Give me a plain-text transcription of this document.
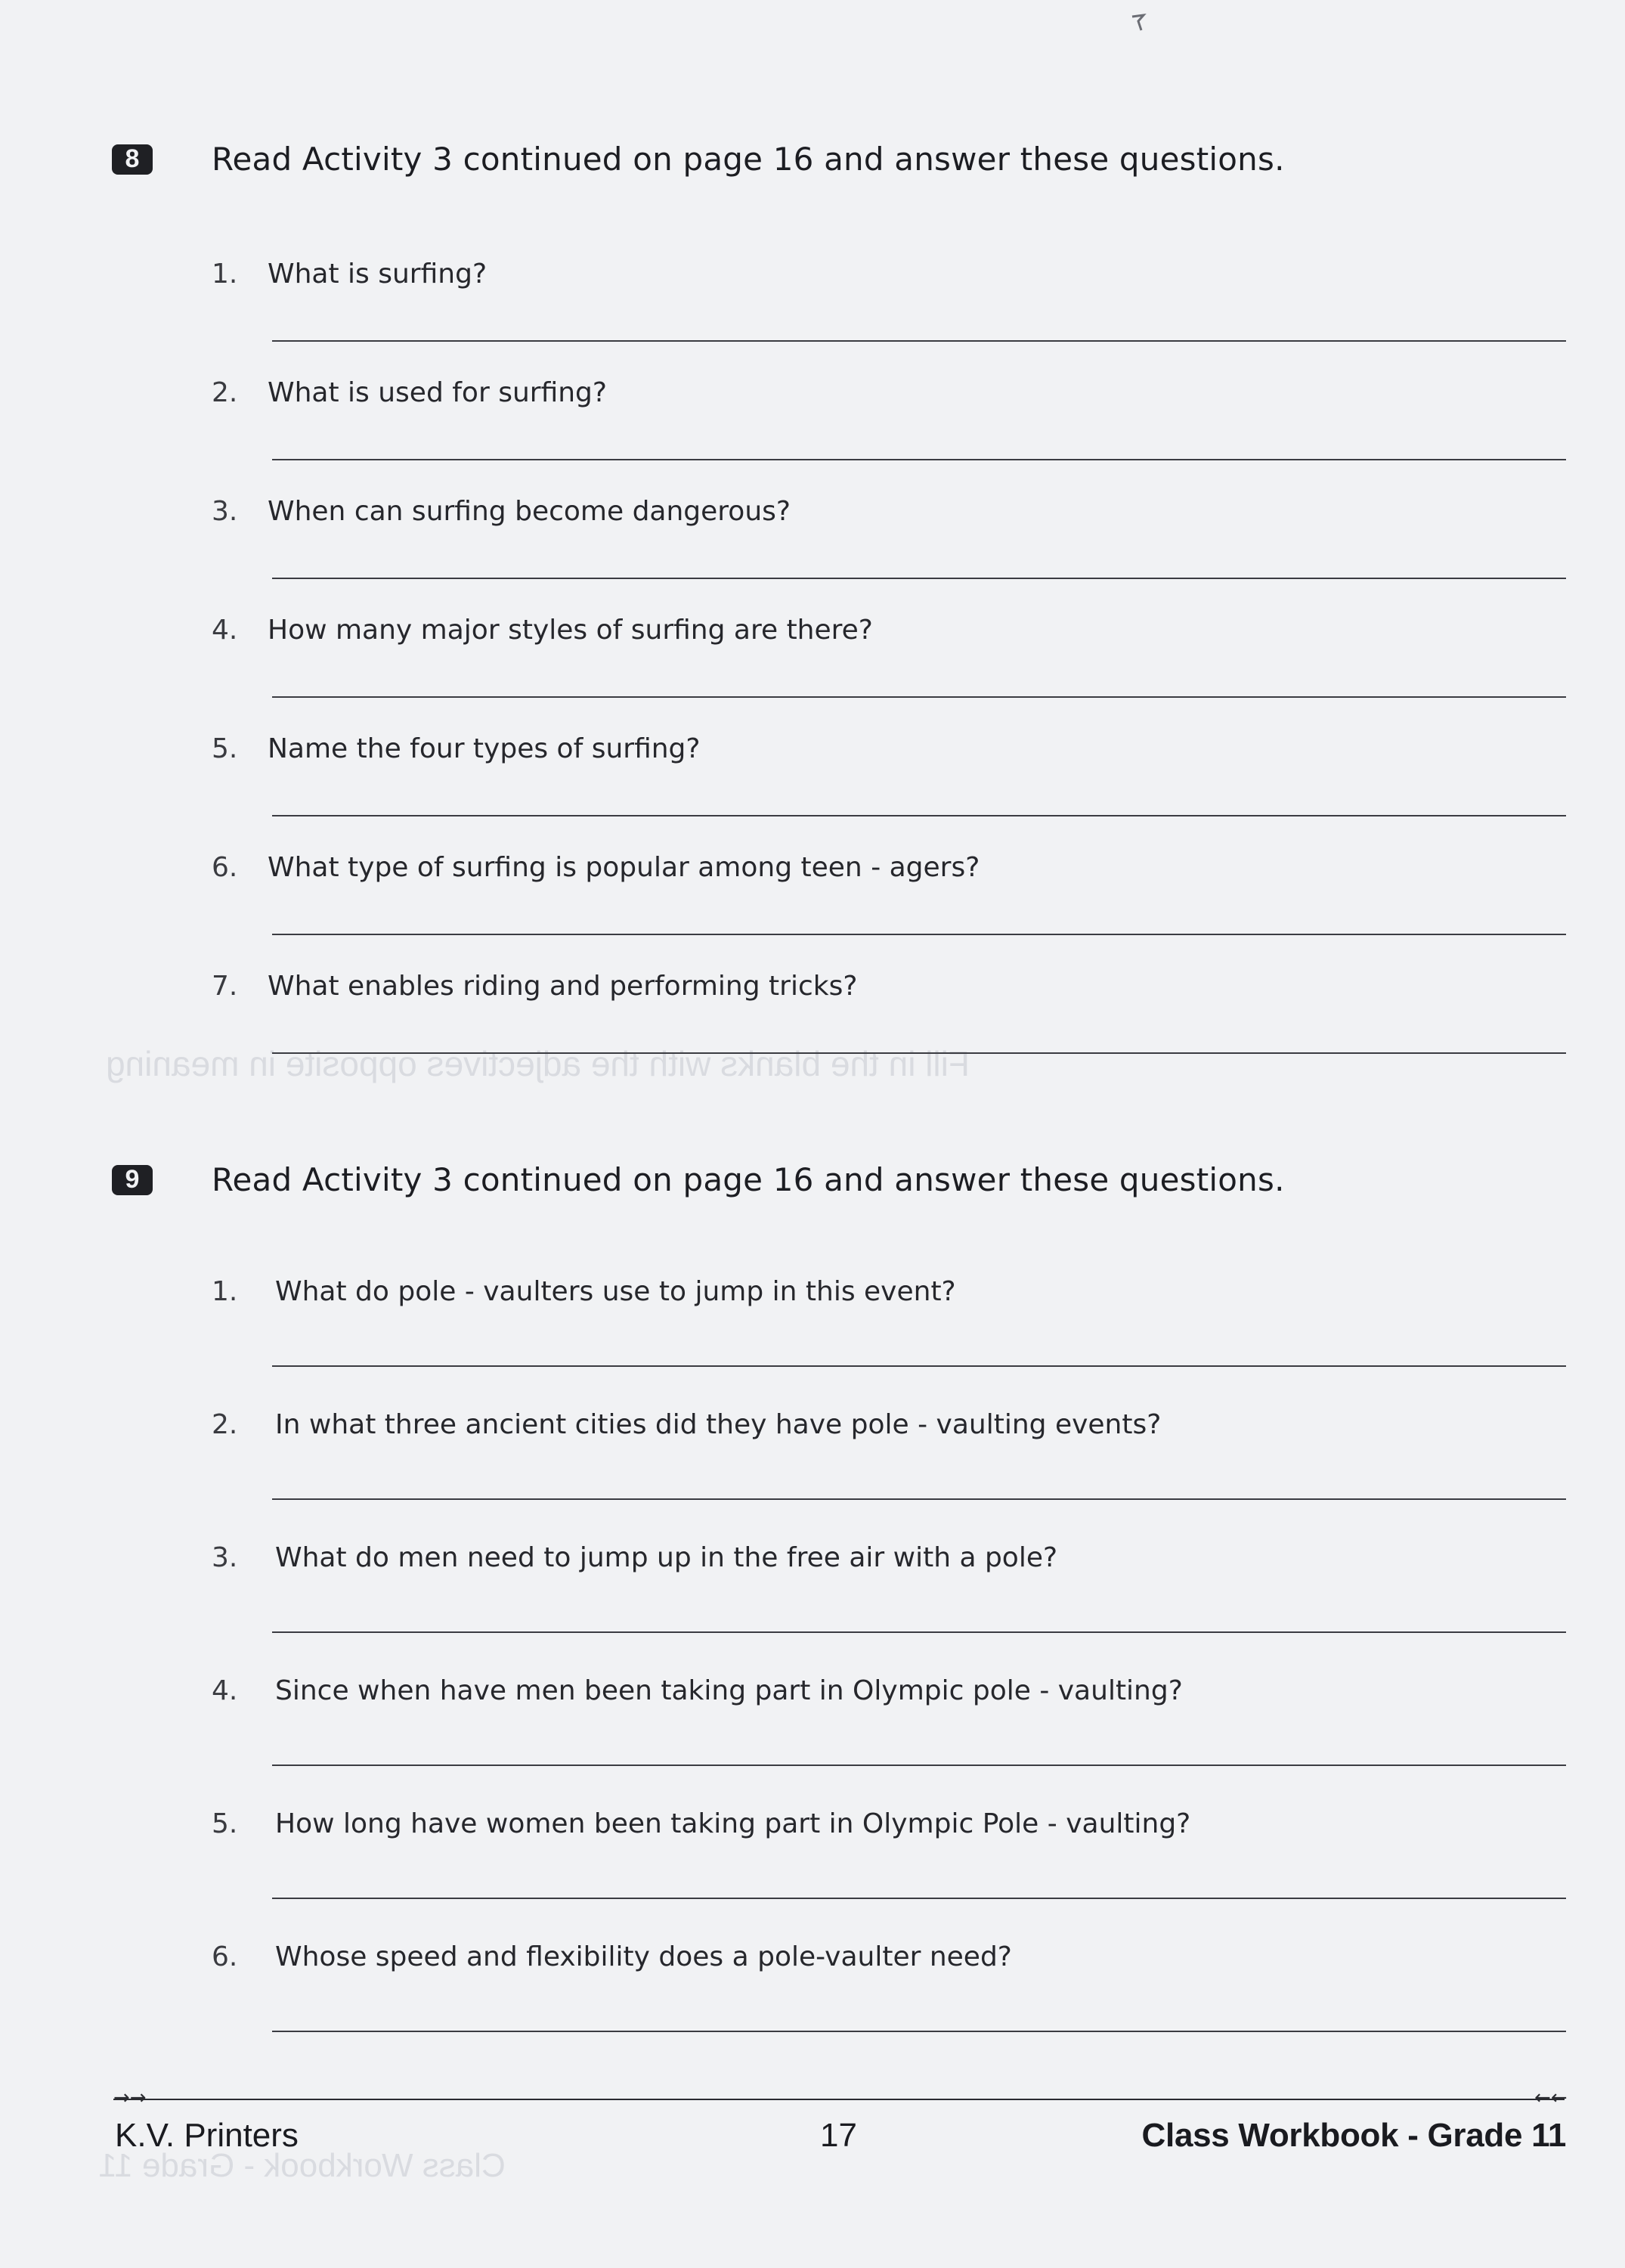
Fill in the blanks with the adjectives opposite in meaning
Class Workbook - Grade 11
8	Read Activity 3 continued on page 16 and answer these questions.
1. What is surfing?
2. What is used for surfing?
3. When can surfing become dangerous?
4. How many major styles of surfing are there?
5. Name the four types of surfing?
6. What type of surfing is popular among teen - agers?
7. What enables riding and performing tricks?
9	Read Activity 3 continued on page 16 and answer these questions.
1. What do pole - vaulters use to jump in this event?
2. In what three ancient cities did they have pole - vaulting events?
3. What do men need to jump up in the free air with a pole?
4. Since when have men been taking part in Olympic pole - vaulting?
5. How long have women been taking part in Olympic Pole - vaulting?
6. Whose speed and flexibility does a pole-vaulter need?
→→	←←
K.V. Printers	17	Class Workbook - Grade 11
